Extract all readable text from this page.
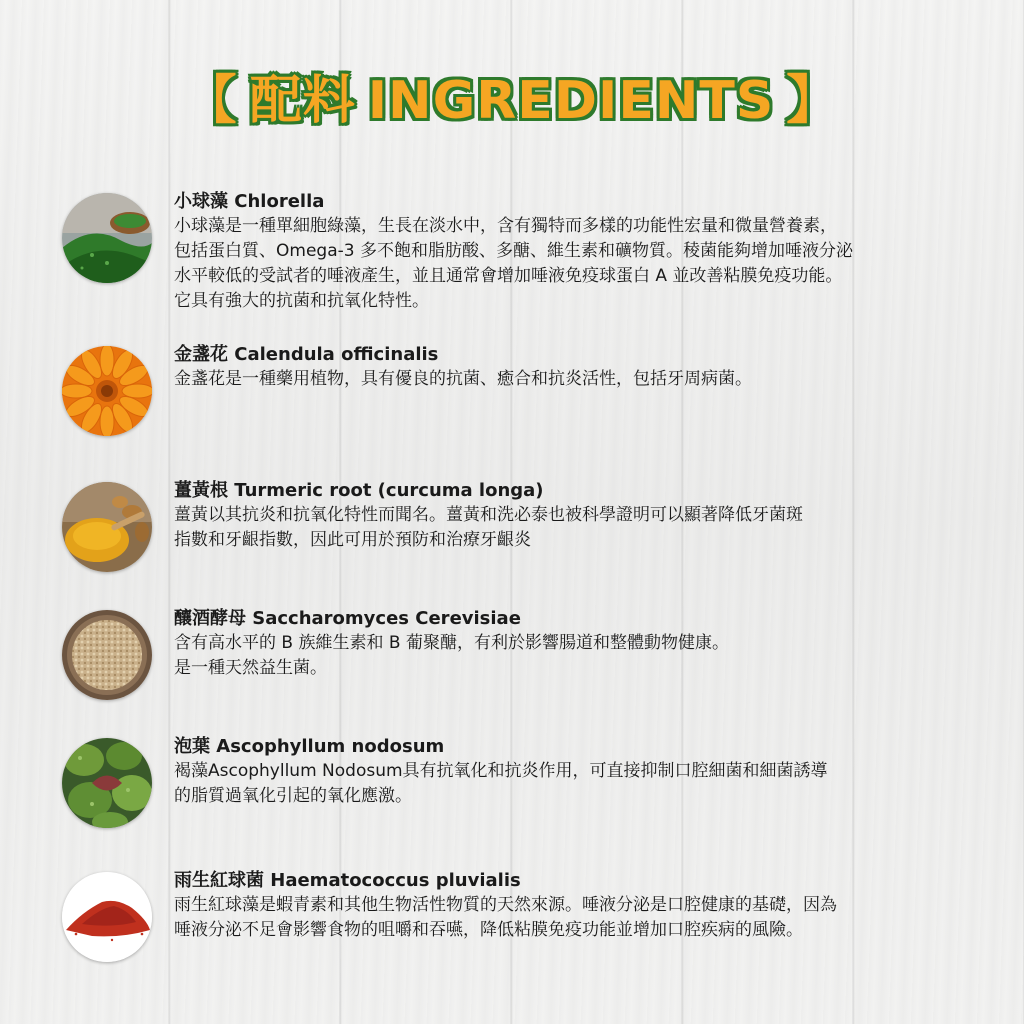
【 配料 INGREDIENTS 】
小球藻 Chlorella
小球藻是一種單細胞綠藻，生長在淡水中，含有獨特而多樣的功能性宏量和微量營養素，
包括蛋白質、Omega-3 多不飽和脂肪酸、多醣、維生素和礦物質。稜菌能夠增加唾液分泌
水平較低的受試者的唾液產生，並且通常會增加唾液免疫球蛋白 A 並改善粘膜免疫功能。
它具有強大的抗菌和抗氧化特性。
金盞花 Calendula officinalis
金盞花是一種藥用植物，具有優良的抗菌、癒合和抗炎活性，包括牙周病菌。
薑黃根 Turmeric root (curcuma longa)
薑黃以其抗炎和抗氧化特性而聞名。薑黃和洗必泰也被科學證明可以顯著降低牙菌斑
指數和牙齦指數，因此可用於預防和治療牙齦炎
釀酒酵母 Saccharomyces Cerevisiae
含有高水平的 B 族維生素和 B 葡聚醣，有利於影響腸道和整體動物健康。
是一種天然益生菌。
泡葉 Ascophyllum nodosum
褐藻Ascophyllum Nodosum具有抗氧化和抗炎作用，可直接抑制口腔細菌和細菌誘導
的脂質過氧化引起的氧化應激。
雨生紅球菌 Haematococcus pluvialis
雨生紅球藻是蝦青素和其他生物活性物質的天然來源。唾液分泌是口腔健康的基礎，因為
唾液分泌不足會影響食物的咀嚼和吞嚥，降低粘膜免疫功能並增加口腔疾病的風險。
